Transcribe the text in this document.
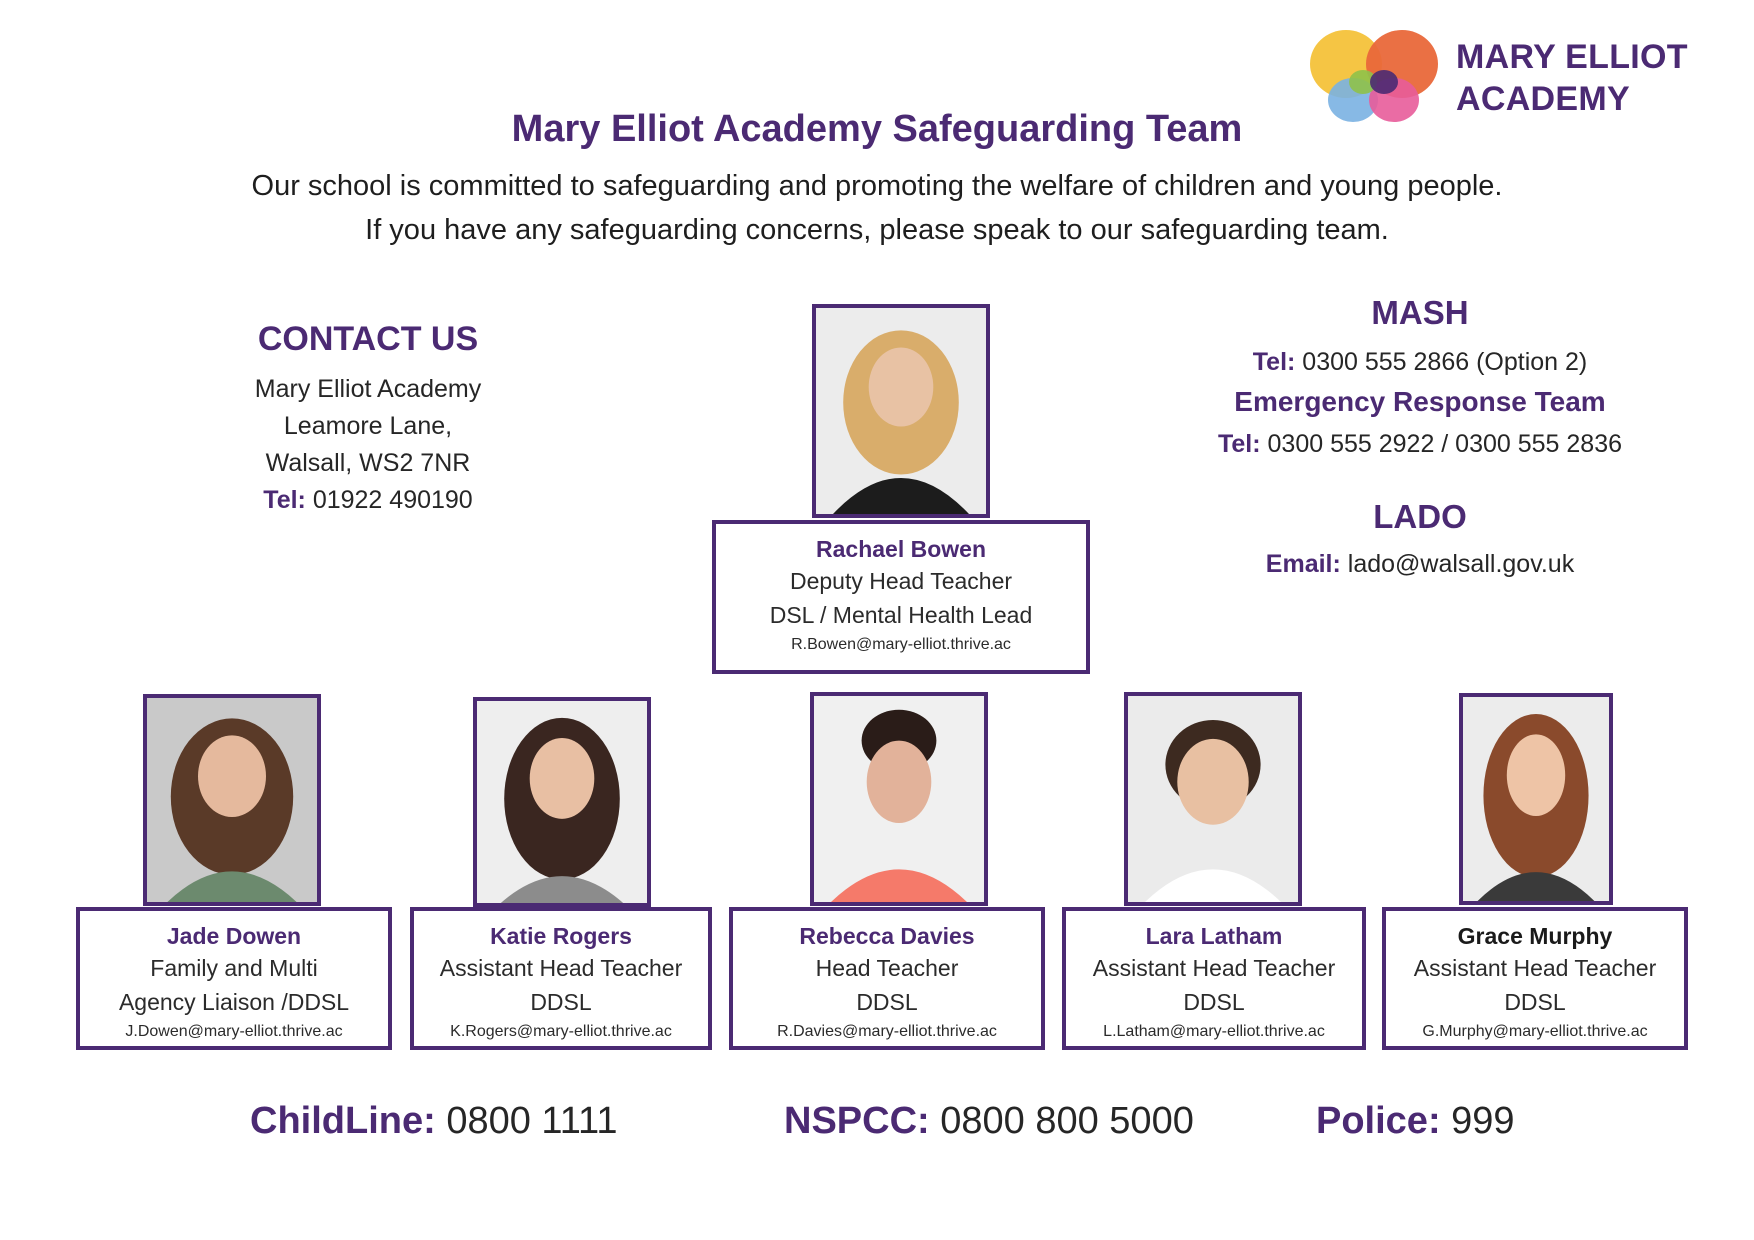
MARY ELLIOT
ACADEMY
Mary Elliot Academy Safeguarding Team
Our school is committed to safeguarding and promoting the welfare of children and young people.
If you have any safeguarding concerns, please speak to our safeguarding team.
CONTACT US
Mary Elliot Academy
Leamore Lane,
Walsall, WS2 7NR
Tel: 01922 490190
MASH
Tel: 0300 555 2866 (Option 2)
Emergency Response Team
Tel: 0300 555 2922 / 0300 555 2836
LADO
Email: lado@walsall.gov.uk
Rachael Bowen
Deputy Head Teacher
DSL / Mental Health Lead
R.Bowen@mary-elliot.thrive.ac
Jade Dowen
Family and Multi
Agency Liaison /DDSL
J.Dowen@mary-elliot.thrive.ac
Katie Rogers
Assistant Head Teacher
DDSL
K.Rogers@mary-elliot.thrive.ac
Rebecca Davies
Head Teacher
DDSL
R.Davies@mary-elliot.thrive.ac
Lara Latham
Assistant Head Teacher
DDSL
L.Latham@mary-elliot.thrive.ac
Grace Murphy
Assistant Head Teacher
DDSL
G.Murphy@mary-elliot.thrive.ac
ChildLine: 0800 1111	NSPCC: 0800 800 5000	Police: 999
